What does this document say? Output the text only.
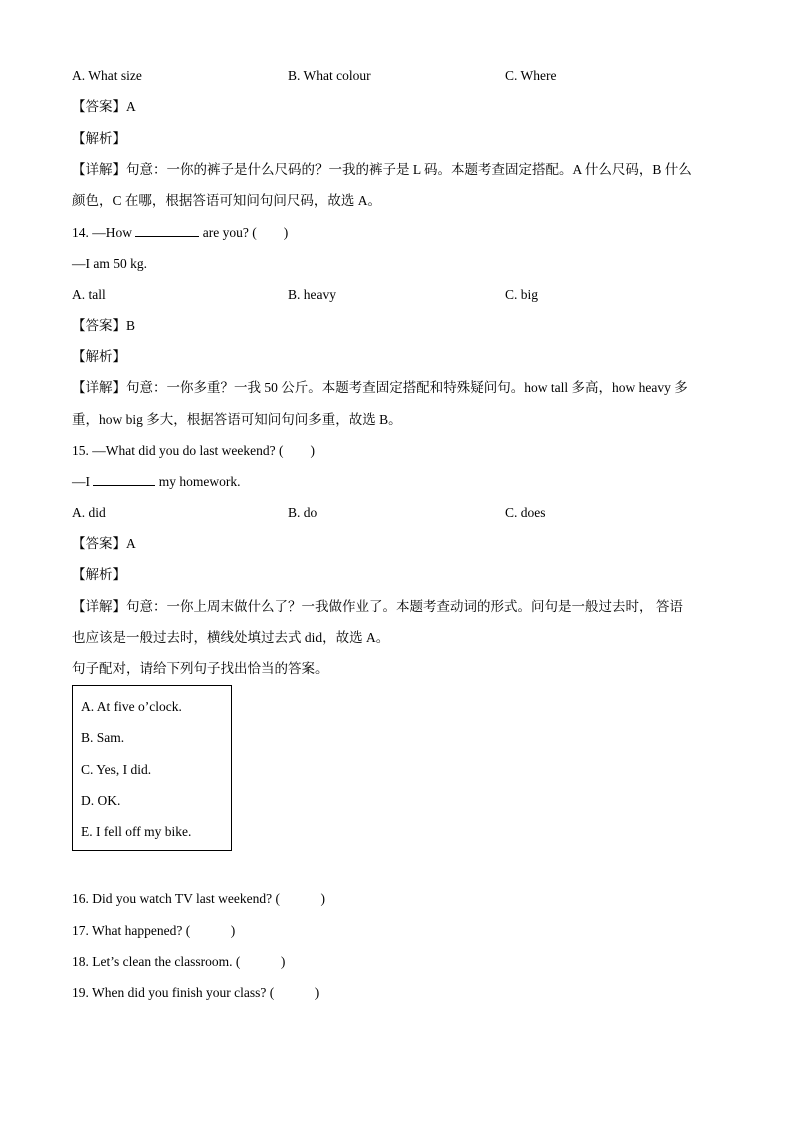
A. What size	B. What colour	C. Where
【答案】A
【解析】
【详解】句意：一你的裤子是什么尺码的？一我的裤子是 L 码。本题考查固定搭配。A 什么尺码，B 什么
颜色，C 在哪，根据答语可知问句问尺码，故选 A。
14. —How	are you? (　　)
—I am 50 kg.
A. tall	B. heavy	C. big
【答案】B
【解析】
【详解】句意：一你多重？一我 50 公斤。本题考查固定搭配和特殊疑问句。how tall 多高，how heavy 多
重，how big 多大，根据答语可知问句问多重，故选 B。
15. —What did you do last weekend? (　　)
—I	my homework.
A. did	B. do	C. does
【答案】A
【解析】
【详解】句意：一你上周末做什么了？一我做作业了。本题考查动词的形式。问句是一般过去时， 答语
也应该是一般过去时，横线处填过去式 did，故选 A。
句子配对，请给下列句子找出恰当的答案。
A. At five o’clock.
B. Sam.
C. Yes, I did.
D. OK.
E. I fell off my bike.
16. Did you watch TV last weekend? (　　　)
17. What happened? (　　　)
18. Let’s clean the classroom. (　　　)
19. When did you finish your class? (　　　)
